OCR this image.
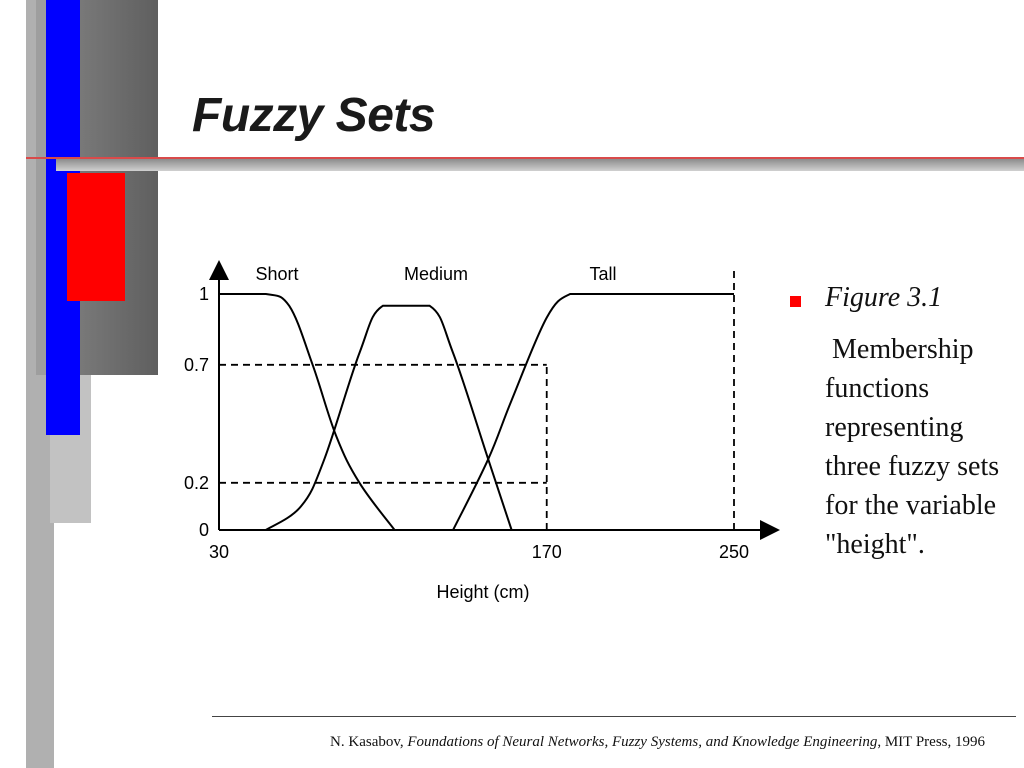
Fuzzy Sets
0
0.2
0.7
1
30	170	250
Short	Medium	Tall
Height (cm)
Figure 3.1
Membership functions representing three fuzzy sets for the variable "height".
N. Kasabov, Foundations of Neural Networks, Fuzzy Systems, and Knowledge Engineering, MIT Press, 1996
